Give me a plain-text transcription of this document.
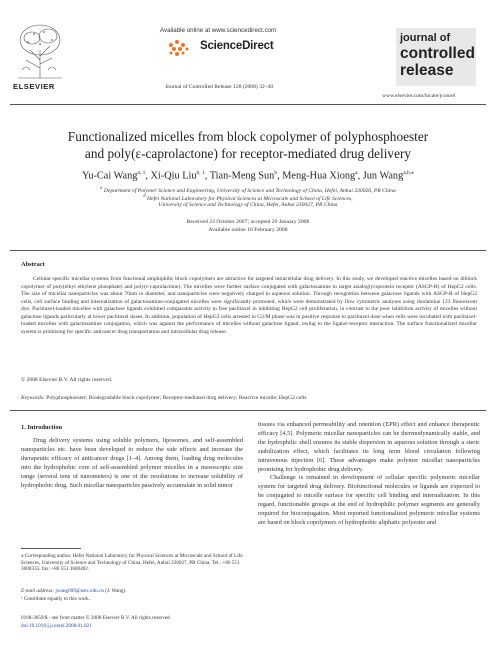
Available online at www.sciencedirect.com
ScienceDirect
Journal of Controlled Release 128 (2008) 32–40
ELSEVIER
journal of
controlled
release
www.elsevier.com/locate/jconrel
Functionalized micelles from block copolymer of polyphosphoester
and poly(ε-caprolactone) for receptor-mediated drug delivery
Yu-Cai Wang$^{a, 1}$, Xi-Qiu Liu$^{b, 1}$, Tian-Meng Sun$^b$, Meng-Hua Xiong$^a$, Jun Wang$^{a,b,⁎}$
$^a$ Department of Polymer Science and Engineering, University of Science and Technology of China, Hefei, Anhui 230026, PR China
$^b$ Hefei National Laboratory for Physical Sciences at Microscale and School of Life Sciences,
University of Science and Technology of China, Hefei, Anhui 230027, PR China
Received 23 October 2007; accepted 29 January 2008
Available online 16 February 2008
Abstract
Cellular specific micellar systems from functional amphiphilic block copolymers are attractive for targeted intracellular drug delivery. In this study, we developed reactive micelles based on diblock copolymer of poly(ethyl ethylene phosphate) and poly(ε-caprolactone). The micelles were further surface conjugated with galactosamine to target asialoglycoprotein receptor (ASGP-R) of HepG2 cells. The size of micellar nanoparticles was about 70nm in diameter, and nanoparticles were negatively charged in aqueous solution. Through recognition between galactose ligands with ASGP-R of HepG2 cells, cell surface binding and internalization of galactosamine-conjugated micelles were significantly promoted, which were demonstrated by flow cytometric analyses using rhodamine 123 fluorescent dye. Paclitaxel-loaded micelles with galactose ligands exhibited comparable activity to free paclitaxel in inhibiting HepG2 cell proliferation, in contrast to the poor inhibition activity of micelles without galactose ligands particularly at lower paclitaxel doses. In addition, population of HepG2 cells arrested in G2/M phase was in positive response to paclitaxel dose when cells were incubated with paclitaxel-loaded micelles with galactosamine conjugation, which was against the performance of micelles without galactose ligand, owing to the ligand–receptor interaction. The surface functionalized micellar system is promising for specific anticancer drug transportation and intracellular drug release.
© 2008 Elsevier B.V. All rights reserved.
Keywords: Polyphosphoester; Biodegradable block copolymer; Receptor-mediated drug delivery; Reactive micelle; HepG2 cells
1. Introduction

Drug delivery systems using soluble polymers, liposomes, and self-assembled nanoparticles etc. have been developed to reduce the side effects and increase the therapeutic efficacy of anticancer drugs [1–4]. Among them, loading drug molecules into the hydrophobic core of self-assembled polymer micelles in a mesoscopic size range (several tens of nanometers) is one of the resolutions to increase solubility of hydrophobic drug. Such micellar nanoparticles passively accumulate in solid tumor

tissues via enhanced permeability and retention (EPR) effect and enhance therapeutic efficacy [4,5]. Polymeric micellar nanoparticles can be thermodynamically stable, and the hydrophilic shell ensures its stable dispersion in aqueous solution through a steric stabilization effect, which facilitates its long term blood circulation following intravenous injection [6]. These advantages make polymer micellar nanoparticles promising for hydrophobic drug delivery.

Challenge is remained in development of cellular specific polymeric micellar system for targeted drug delivery. Biofunctional molecules or ligands are expected to be conjugated to micelle surface for specific cell binding and internalization. In this regard, functionable groups at the end of hydrophilic polymer segments are generally required for bioconjugation. Most reported functionalized polymeric micellar systems are based on block copolymers of hydrophobic aliphatic polyester and

⁎ Corresponding author. Hefei National Laboratory for Physical Sciences at Microscale and School of Life Sciences, University of Science and Technology of China, Hefei, Anhui 230027, PR China. Tel.: +86 551 3600335; fax: +86 551 3600402.
E-mail address: jwang699@ustc.edu.cn (J. Wang).
¹ Contribute equally to this work.
0168-3659/$ - see front matter © 2008 Elsevier B.V. All rights reserved.
doi:10.1016/j.jconrel.2008.01.021
